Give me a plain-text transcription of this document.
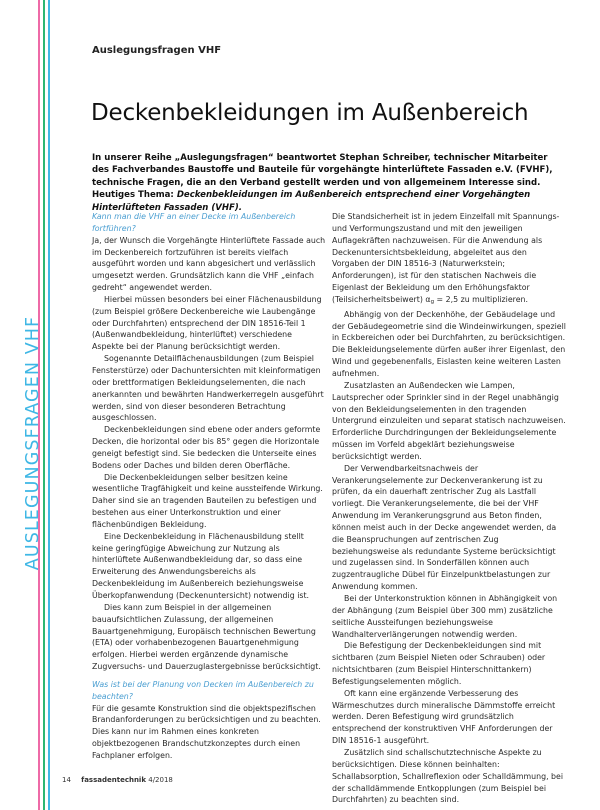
AUSLEGUNGSFRAGEN VHF
Auslegungsfragen VHF
Deckenbekleidungen im Außenbereich
In unserer Reihe „Auslegungsfragen“ beantwortet Stephan Schreiber, technischer Mitarbeiter des Fachverbandes Baustoffe und Bauteile für vorgehängte hinterlüftete Fassaden e.V. (FVHF), technische Fragen, die an den Verband gestellt werden und von allgemeinem Interesse sind. Heutiges Thema: Deckenbekleidungen im Außenbereich entsprechend einer Vorgehängten Hinterlüfteten Fassaden (VHF).

Kann man die VHF an einer Decke im Außenbereich fortführen?

Ja, der Wunsch die Vorgehängte Hinterlüftete Fassade auch im Deckenbereich fortzuführen ist bereits vielfach ausgeführt worden und kann abgesichert und verlässlich umgesetzt werden. Grundsätzlich kann die VHF „einfach gedreht“ angewendet werden.

Hierbei müssen besonders bei einer Flächenausbildung (zum Beispiel größere Deckenbereiche wie Laubengänge oder Durchfahrten) entsprechend der DIN 18516-Teil 1 (Außenwandbekleidung, hinterlüftet) verschiedene Aspekte bei der Planung berücksichtigt werden.

Sogenannte Detailflächenausbildungen (zum Beispiel Fensterstürze) oder Dachuntersichten mit kleinformatigen oder brettformatigen Bekleidungselementen, die nach anerkannten und bewährten Handwerkerregeln ausgeführt werden, sind von dieser besonderen Betrachtung ausgeschlossen.

Deckenbekleidungen sind ebene oder anders geformte Decken, die horizontal oder bis 85° gegen die Horizontale geneigt befestigt sind. Sie bedecken die Unterseite eines Bodens oder Daches und bilden deren Oberfläche.

Die Deckenbekleidungen selber besitzen keine wesentliche Tragfähigkeit und keine aussteifende Wirkung. Daher sind sie an tragenden Bauteilen zu befestigen und bestehen aus einer Unterkonstruktion und einer flächenbündigen Bekleidung.

Eine Deckenbekleidung in Flächenausbildung stellt keine geringfügige Abweichung zur Nutzung als hinterlüftete Außenwandbekleidung dar, so dass eine Erweiterung des Anwendungsbereichs als Deckenbekleidung im Außenbereich beziehungsweise Überkopfanwendung (Deckenuntersicht) notwendig ist.

Dies kann zum Beispiel in der allgemeinen bauaufsichtlichen Zulassung, der allgemeinen Bauartgenehmigung, Europäisch technischen Bewertung (ETA) oder vorhabenbezogenen Bauartgenehmigung erfolgen. Hierbei werden ergänzende dynamische Zugversuchs- und Dauerzuglastergebnisse berücksichtigt.

Was ist bei der Planung von Decken im Außenbereich zu beachten?

Für die gesamte Konstruktion sind die objektspezifischen Brandanforderungen zu berücksichtigen und zu beachten. Dies kann nur im Rahmen eines konkreten objektbezogenen Brandschutzkonzeptes durch einen Fachplaner erfolgen.

Die Standsicherheit ist in jedem Einzelfall mit Spannungs- und Verformungszustand und mit den jeweiligen Auflagekräften nachzuweisen. Für die Anwendung als Deckenuntersichtsbekleidung, abgeleitet aus den Vorgaben der DIN 18516-3 (Naturwerkstein; Anforderungen), ist für den statischen Nachweis die Eigenlast der Bekleidung um den Erhöhungsfaktor (Teilsicherheitsbeiwert) αg = 2,5 zu multiplizieren.

Abhängig von der Deckenhöhe, der Gebäudelage und der Gebäudegeometrie sind die Windeinwirkungen, speziell in Eckbereichen oder bei Durchfahrten, zu berücksichtigen. Die Bekleidungselemente dürfen außer ihrer Eigenlast, den Wind und gegebenenfalls, Eislasten keine weiteren Lasten aufnehmen.

Zusatzlasten an Außendecken wie Lampen, Lautsprecher oder Sprinkler sind in der Regel unabhängig von den Bekleidungselementen in den tragenden Untergrund einzuleiten und separat statisch nachzuweisen. Erforderliche Durchdringungen der Bekleidungselemente müssen im Vorfeld abgeklärt beziehungsweise berücksichtigt werden.

Der Verwendbarkeitsnachweis der Verankerungselemente zur Deckenverankerung ist zu prüfen, da ein dauerhaft zentrischer Zug als Lastfall vorliegt. Die Verankerungselemente, die bei der VHF Anwendung im Verankerungsgrund aus Beton finden, können meist auch in der Decke angewendet werden, da die Beanspruchungen auf zentrischen Zug beziehungsweise als redundante Systeme berücksichtigt und zugelassen sind. In Sonderfällen können auch zugzentraugliche Dübel für Einzelpunktbelastungen zur Anwendung kommen.

Bei der Unterkonstruktion können in Abhängigkeit von der Abhängung (zum Beispiel über 300 mm) zusätzliche seitliche Aussteifungen beziehungsweise Wandhalterverlängerungen notwendig werden.

Die Befestigung der Deckenbekleidungen sind mit sichtbaren (zum Beispiel Nieten oder Schrauben) oder nichtsichtbaren (zum Beispiel Hinterschnittankern) Befestigungselementen möglich.

Oft kann eine ergänzende Verbesserung des Wärmeschutzes durch mineralische Dämmstoffe erreicht werden. Deren Befestigung wird grundsätzlich entsprechend der konstruktiven VHF Anforderungen der DIN 18516-1 ausgeführt.

Zusätzlich sind schallschutztechnische Aspekte zu berücksichtigen. Diese können beinhalten: Schallabsorption, Schallreflexion oder Schalldämmung, bei der schalldämmende Entkopplungen (zum Beispiel bei Durchfahrten) zu beachten sind.

14 fassadentechnik 4/2018
